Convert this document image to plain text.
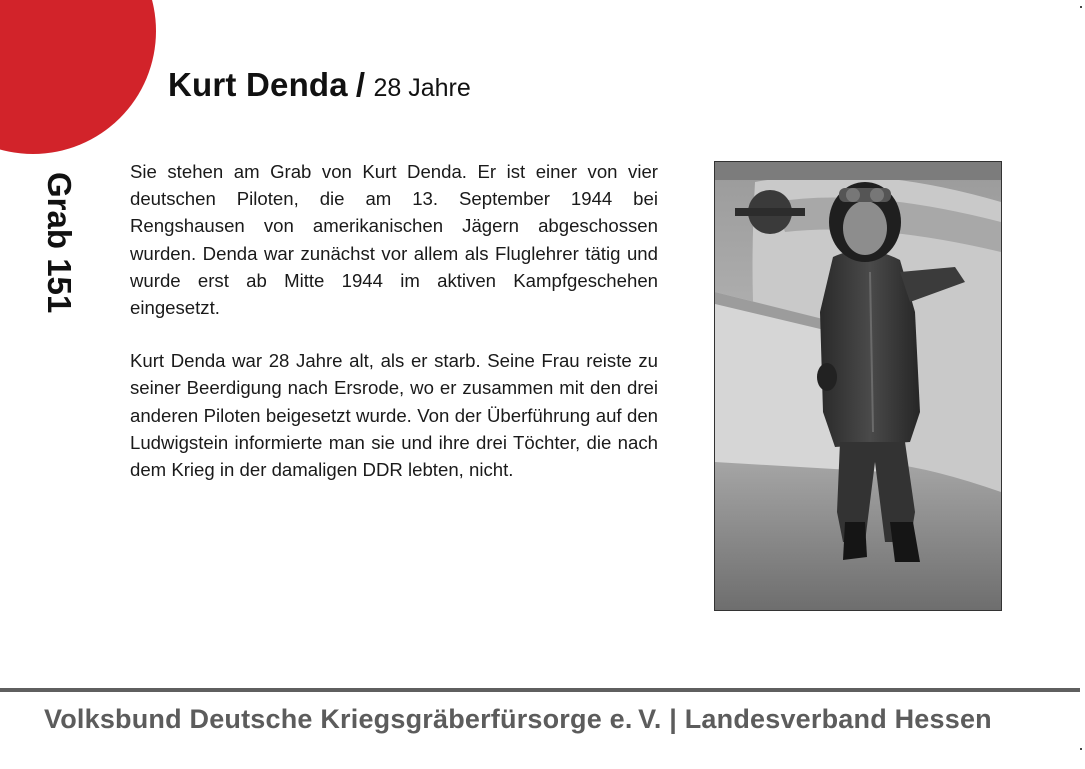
Kurt Denda / 28 Jahre
Grab 151

Sie stehen am Grab von Kurt Denda. Er ist einer von vier deutschen Piloten, die am 13. September 1944 bei Rengshausen von amerikanischen Jägern abgeschossen wurden. Denda war zunächst vor allem als Fluglehrer tätig und wurde erst ab Mitte 1944 im aktiven Kampfgeschehen eingesetzt.

Kurt Denda war 28 Jahre alt, als er starb. Seine Frau reiste zu seiner Beerdigung nach Ersrode, wo er zusammen mit den drei anderen Piloten beigesetzt wurde. Von der Überführung auf den Ludwigstein informierte man sie und ihre drei Töchter, die nach dem Krieg in der damaligen DDR lebten, nicht.

Volksbund Deutsche Kriegsgräberfürsorge e. V. | Landesverband Hessen
